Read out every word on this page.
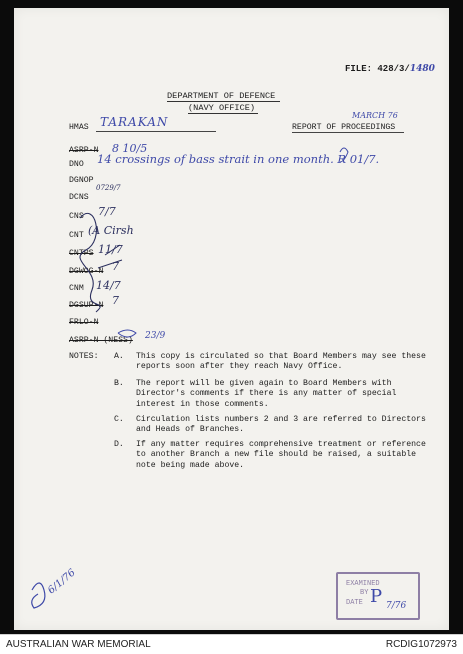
FILE: 428/3/1480
DEPARTMENT OF DEFENCE
(NAVY OFFICE)
HMAS TARAKAN	MARCH 76
REPORT OF PROCEEDINGS
ASRP-N 8 10/5
DNO 14 crossings of bass strait in one month. R 01/7.
DGNOP
0729/7
DCNS
CNS 7/7
CNT (A Cirsh
CNTPS 11/7
DGWOG-N 7
CNM 14/7
DGSUP-N 7
FRLO-N
ASRP-N (NESS) 23/9
NOTES: A. This copy is circulated so that Board Members may see these reports soon after they reach Navy Office.
B. The report will be given again to Board Members with Director's comments if there is any matter of special interest in those comments.
C. Circulation lists numbers 2 and 3 are referred to Directors and Heads of Branches.
D. If any matter requires comprehensive treatment or reference to another Branch a new file should be raised, a suitable note being made above.
6/1/76	EXAMINED
BY
DATE P 7/76
AUSTRALIAN WAR MEMORIAL	RCDIG1072973
